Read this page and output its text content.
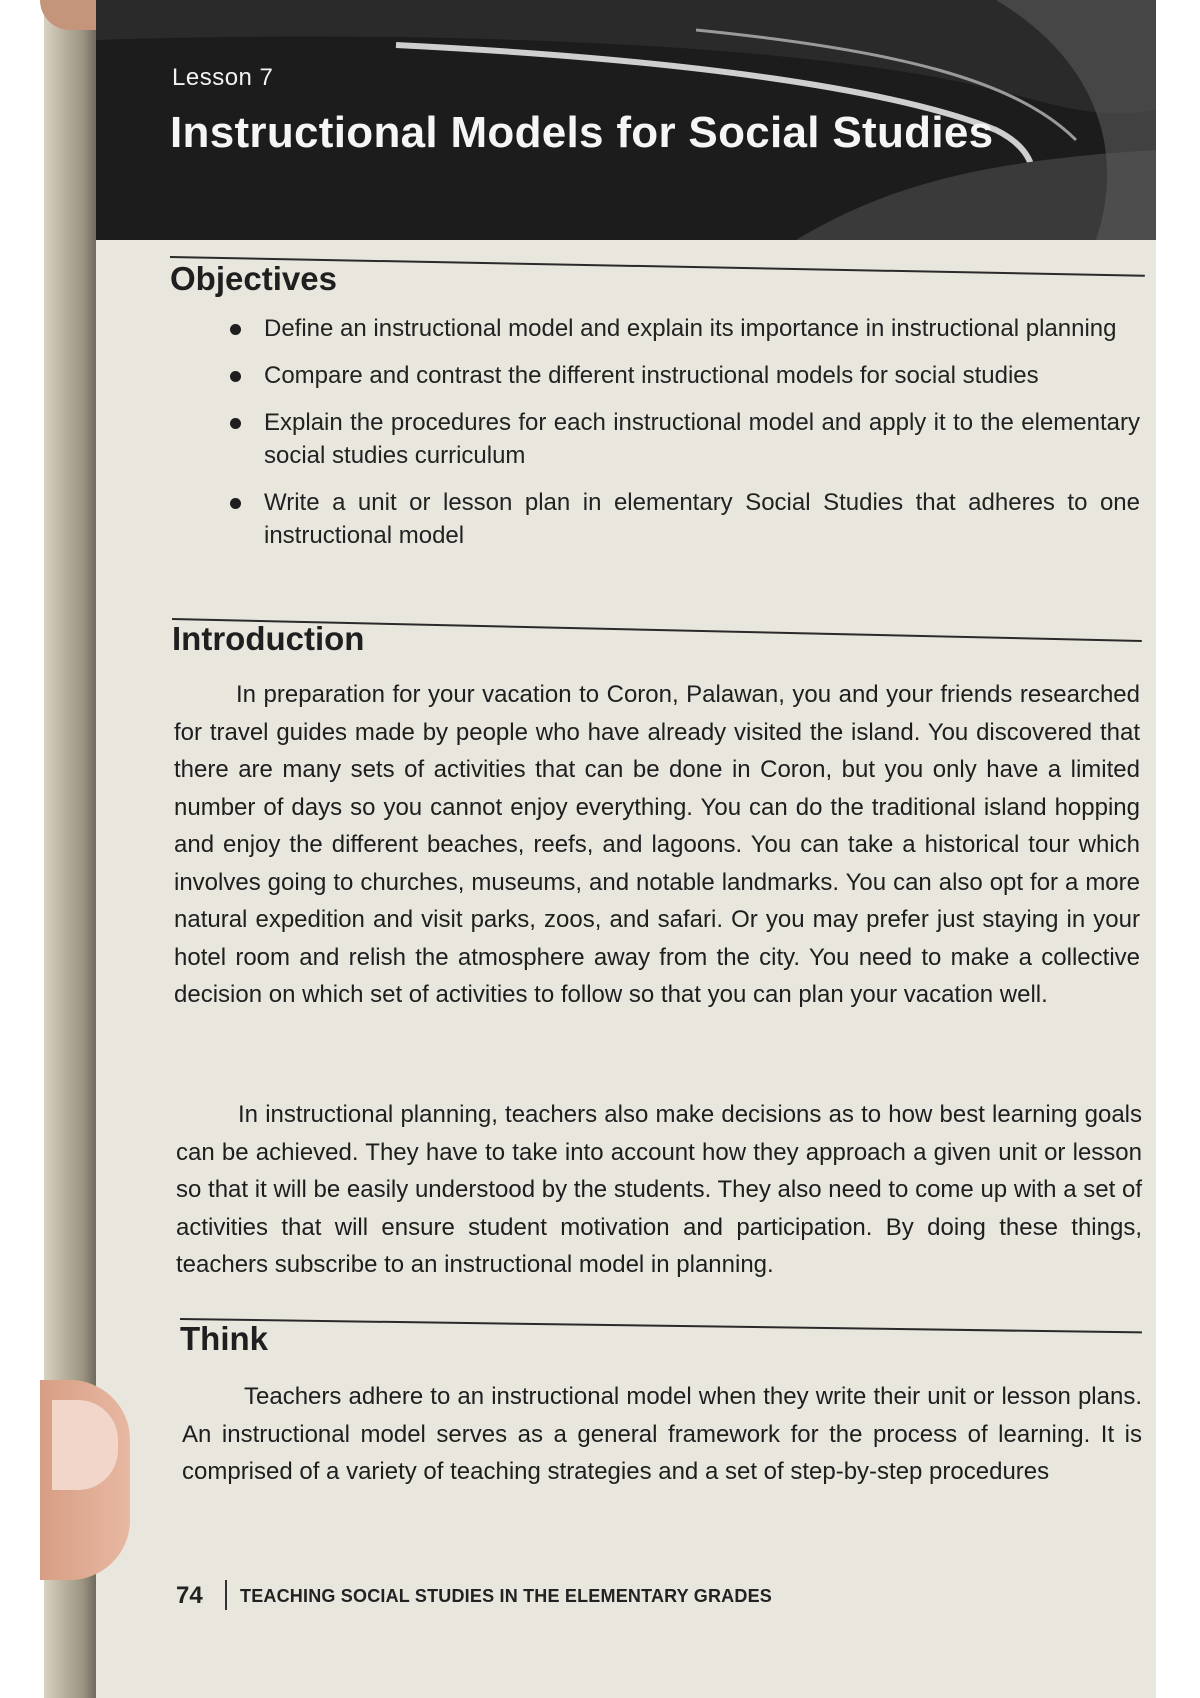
Lesson 7
Instructional Models for Social Studies
Objectives
Define an instructional model and explain its importance in instructional planning
Compare and contrast the different instructional models for social studies
Explain the procedures for each instructional model and apply it to the elementary social studies curriculum
Write a unit or lesson plan in elementary Social Studies that adheres to one instructional model
Introduction

In preparation for your vacation to Coron, Palawan, you and your friends researched for travel guides made by people who have already visited the island. You discovered that there are many sets of activities that can be done in Coron, but you only have a limited number of days so you cannot enjoy everything. You can do the traditional island hopping and enjoy the different beaches, reefs, and lagoons. You can take a historical tour which involves going to churches, museums, and notable landmarks. You can also opt for a more natural expedition and visit parks, zoos, and safari. Or you may prefer just staying in your hotel room and relish the atmosphere away from the city. You need to make a collective decision on which set of activities to follow so that you can plan your vacation well.

In instructional planning, teachers also make decisions as to how best learning goals can be achieved. They have to take into account how they approach a given unit or lesson so that it will be easily understood by the students. They also need to come up with a set of activities that will ensure student motivation and participation. By doing these things, teachers subscribe to an instructional model in planning.

Think

Teachers adhere to an instructional model when they write their unit or lesson plans. An instructional model serves as a general framework for the process of learning. It is comprised of a variety of teaching strategies and a set of step-by-step procedures

74 TEACHING SOCIAL STUDIES IN THE ELEMENTARY GRADES
